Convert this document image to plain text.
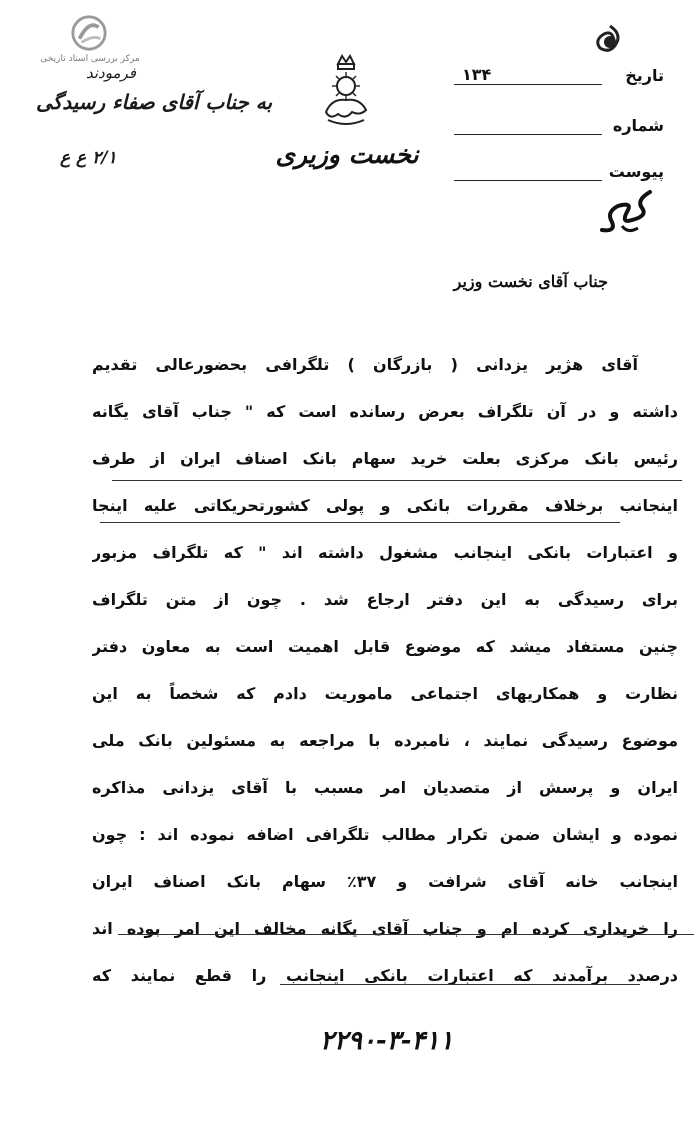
مرکز بررسی اسناد تاریخی
فرمودند
به جناب آقای صفاء رسیدگی
۲/۱ ع ع	نخست وزیری
تاریخ
۱۳۴
شماره
پیوست
جناب آقای نخست وزیر
آقای هژیر یزدانی ( بازرگان ) تلگرافی بحضورعالی تقدیم
داشته و در آن تلگراف بعرض رسانده است که " جناب آقای یگانه
رئیس بانک مرکزی بعلت خرید سهام بانک اصناف ایران از طرف
اینجانب برخلاف مقررات بانکی و پولی کشورتحریکاتی علیه اینجا
و اعتبارات بانکی اینجانب مشغول داشته اند " که تلگراف مزبور
برای رسیدگی به این دفتر ارجاع شد . چون از متن تلگراف
چنین مستفاد میشد که موضوع قابل اهمیت است به معاون دفتر
نظارت و همکاریهای اجتماعی ماموریت دادم که شخصاً به این
موضوع رسیدگی نمایند ، نامبرده با مراجعه به مسئولین بانک ملی
ایران و پرسش از متصدیان امر مسبب با آقای یزدانی مذاکره
نموده و ایشان ضمن تکرار مطالب تلگرافی اضافه نموده اند : چون
اینجانب خانه آقای شرافت و ۳۷٪ سهام بانک اصناف ایران
را خریداری کرده ام و جناب آقای یگانه مخالف این امر بوده اند
درصدد برآمدند که اعتبارات بانکی اینجانب را قطع نمایند که
۲۲۹۰-۳-۴۱۱
